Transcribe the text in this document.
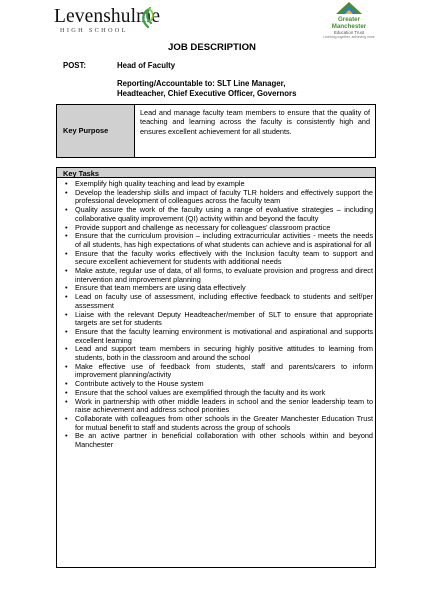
Levenshulme
HIGH SCHOOL
Greater
Manchester
Education Trust
Learning together, achieving more
JOB DESCRIPTION
POST:	Head of Faculty
Reporting/Accountable to: SLT Line Manager,
Headteacher, Chief Executive Officer, Governors
Key Purpose
Lead and manage faculty team members to ensure that the quality of teaching and learning across the faculty is consistently high and ensures excellent achievement for all students.
Key Tasks
• Exemplify high quality teaching and lead by example
• Develop the leadership skills and impact of faculty TLR holders and effectively support the professional development of colleagues across the faculty team
• Quality assure the work of the faculty using a range of evaluative strategies – including collaborative quality improvement (QI) activity within and beyond the faculty
• Provide support and challenge as necessary for colleagues’ classroom practice
• Ensure that the curriculum provision – including extracurricular activities - meets the needs of all students, has high expectations of what students can achieve and is aspirational for all
• Ensure that the faculty works effectively with the Inclusion faculty team to support and secure excellent achievement for students with additional needs
• Make astute, regular use of data, of all forms, to evaluate provision and progress and direct intervention and improvement planning
• Ensure that team members are using data effectively
• Lead on faculty use of assessment, including effective feedback to students and self/per assessment
• Liaise with the relevant Deputy Headteacher/member of SLT to ensure that appropriate targets are set for students
• Ensure that the faculty learning environment is motivational and aspirational and supports excellent learning
• Lead and support team members in securing highly positive attitudes to learning from students, both in the classroom and around the school
• Make effective use of feedback from students, staff and parents/carers to inform improvement planning/activity
• Contribute actively to the House system
• Ensure that the school values are exemplified through the faculty and its work
• Work in partnership with other middle leaders in school and the senior leadership team to raise achievement and address school priorities
• Collaborate with colleagues from other schools in the Greater Manchester Education Trust for mutual benefit to staff and students across the group of schools
• Be an active partner in beneficial collaboration with other schools within and beyond Manchester
